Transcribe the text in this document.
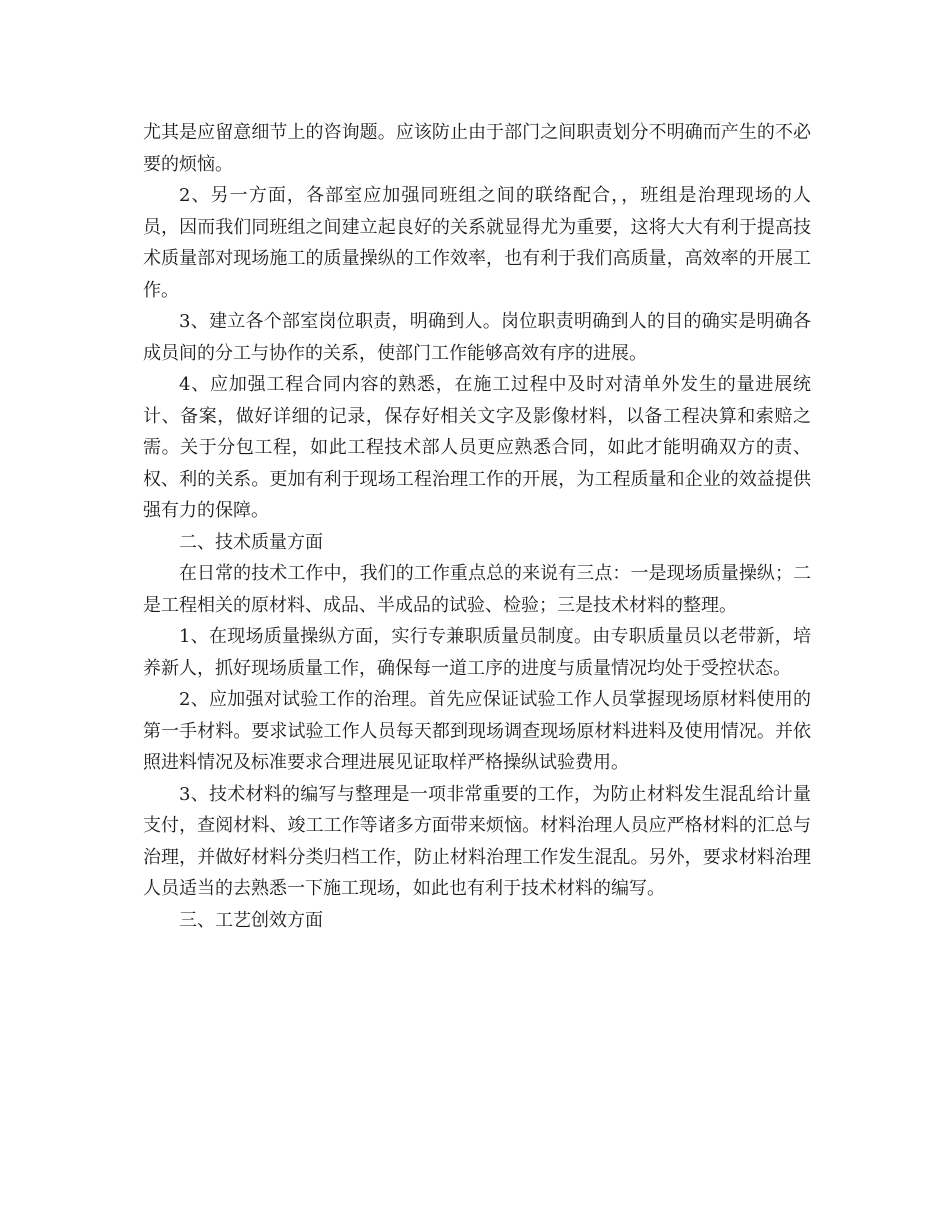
尤其是应留意细节上的咨询题。应该防止由于部门之间职责划分不明确而产生的不必要的烦恼。

2、另一方面，各部室应加强同班组之间的联络配合，，班组是治理现场的人员，因而我们同班组之间建立起良好的关系就显得尤为重要，这将大大有利于提高技术质量部对现场施工的质量操纵的工作效率，也有利于我们高质量，高效率的开展工作。

3、建立各个部室岗位职责，明确到人。岗位职责明确到人的目的确实是明确各成员间的分工与协作的关系，使部门工作能够高效有序的进展。

4、应加强工程合同内容的熟悉，在施工过程中及时对清单外发生的量进展统计、备案，做好详细的记录，保存好相关文字及影像材料，以备工程决算和索赔之需。关于分包工程，如此工程技术部人员更应熟悉合同，如此才能明确双方的责、权、利的关系。更加有利于现场工程治理工作的开展，为工程质量和企业的效益提供强有力的保障。

二、技术质量方面

在日常的技术工作中，我们的工作重点总的来说有三点：一是现场质量操纵；二是工程相关的原材料、成品、半成品的试验、检验；三是技术材料的整理。

1、在现场质量操纵方面，实行专兼职质量员制度。由专职质量员以老带新，培养新人，抓好现场质量工作，确保每一道工序的进度与质量情况均处于受控状态。

2、应加强对试验工作的治理。首先应保证试验工作人员掌握现场原材料使用的第一手材料。要求试验工作人员每天都到现场调查现场原材料进料及使用情况。并依照进料情况及标准要求合理进展见证取样严格操纵试验费用。

3、技术材料的编写与整理是一项非常重要的工作，为防止材料发生混乱给计量支付，查阅材料、竣工工作等诸多方面带来烦恼。材料治理人员应严格材料的汇总与治理，并做好材料分类归档工作，防止材料治理工作发生混乱。另外，要求材料治理人员适当的去熟悉一下施工现场，如此也有利于技术材料的编写。

三、工艺创效方面
